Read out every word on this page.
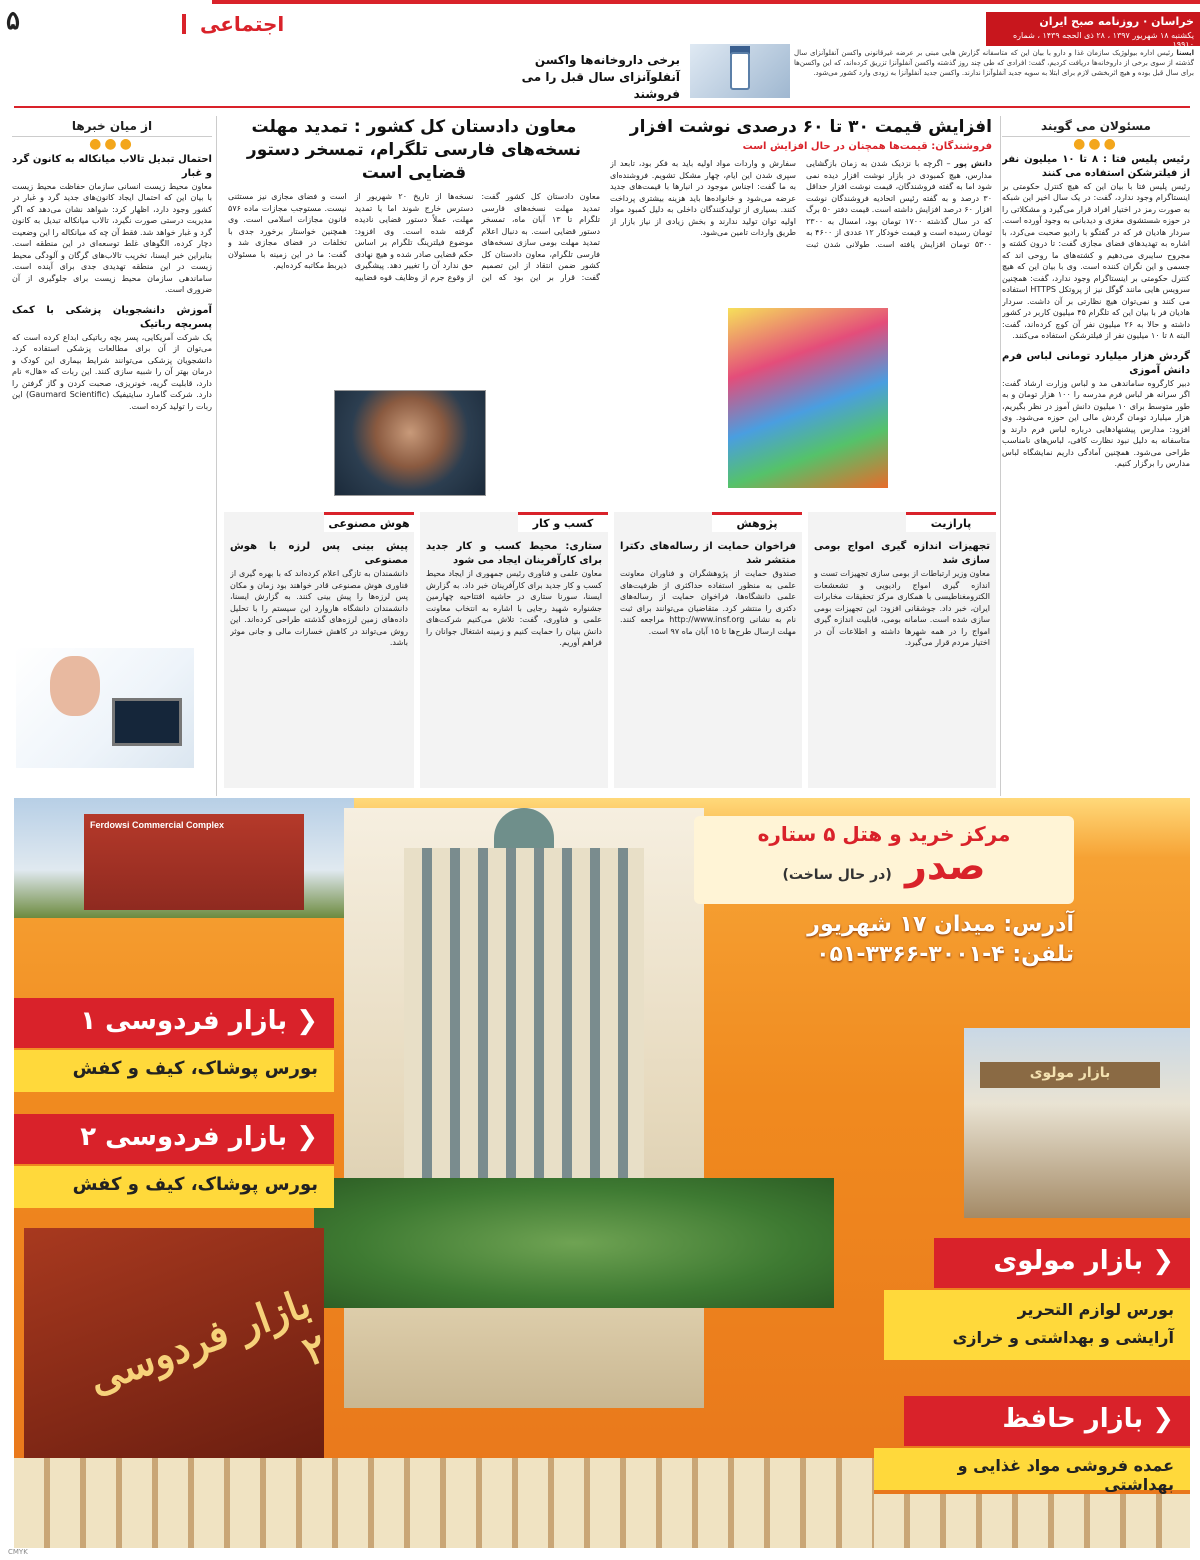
۵	اجتماعی	خراسان · روزنامه صبح ایران
یکشنبه ۱۸ شهریور ۱۳۹۷ ، ۲۸ ذی الحجه ۱۴۳۹ ، شماره ۱۹۹۱۰
ایسنا رئیس اداره بیولوژیک سازمان غذا و دارو با بیان این که متاسفانه گزارش هایی مبنی بر عرضه غیرقانونی واکسن آنفلوآنزای سال گذشته از سوی برخی از داروخانه‌ها دریافت کردیم، گفت: افرادی که طی چند روز گذشته واکسن آنفلوآنزا تزریق کرده‌اند، که این واکسن‌ها برای سال قبل بوده و هیچ اثربخشی لازم برای ابتلا به سویه جدید آنفلوآنزا ندارند. واکسن جدید آنفلوآنزا به زودی وارد کشور می‌شود.
برخی داروخانه‌ها واکسن آنفلوآنزای سال قبل را می فروشند
مسئولان می گویند
●●●
رئیس پلیس فتا : ۸ تا ۱۰ میلیون نفر از فیلترشکن استفاده می کنند

رئیس پلیس فتا با بیان این که هیچ کنترل حکومتی بر اینستاگرام وجود ندارد، گفت: در یک سال اخیر این شبکه به صورت رمز در اختیار افراد قرار می‌گیرد و مشکلاتی را در حوزه شستشوی مغزی و دیدبانی به وجود آورده است. سردار هادیان فر که در گفتگو با رادیو صحبت می‌کرد، با اشاره به تهدیدهای فضای مجازی گفت: تا درون کشته و مجروح سایبری می‌دهیم و کشته‌های ما روحی اند که جسمی و این نگران کننده است. وی با بیان این که هیچ کنترل حکومتی بر اینستاگرام وجود ندارد، گفت: همچنین سرویس هایی مانند گوگل نیز از پروتکل HTTPS استفاده می کنند و نمی‌توان هیچ نظارتی بر آن داشت. سردار هادیان فر با بیان این که تلگرام ۴۵ میلیون کاربر در کشور داشته و حالا به ۲۶ میلیون نفر آن کوچ کرده‌اند، گفت: البته ۸ تا ۱۰ میلیون نفر از فیلترشکن استفاده می‌کنند.

گردش هزار میلیارد تومانی لباس فرم دانش آموزی

دبیر کارگروه ساماندهی مد و لباس وزارت ارشاد گفت: اگر سرانه هر لباس فرم مدرسه را ۱۰۰ هزار تومان و به طور متوسط برای ۱۰ میلیون دانش آموز در نظر بگیریم، هزار میلیارد تومان گردش مالی این حوزه می‌شود. وی افزود: مدارس پیشنهادهایی درباره لباس فرم دارند و متاسفانه به دلیل نبود نظارت کافی، لباس‌های نامناسب طراحی می‌شود. همچنین آمادگی داریم نمایشگاه لباس مدارس را برگزار کنیم.

افزایش قیمت ۳۰ تا ۶۰ درصدی نوشت افزار
فروشندگان: قیمت‌ها همچنان در حال افزایش است

دانش پور – اگرچه با نزدیک شدن به زمان بازگشایی مدارس، هیچ کمبودی در بازار نوشت افزار دیده نمی شود اما به گفته فروشندگان، قیمت نوشت افزار حداقل ۳۰ درصد و به گفته رئیس اتحادیه فروشندگان نوشت افزار ۶۰ درصد افزایش داشته است. قیمت دفتر ۵۰ برگ که در سال گذشته ۱۷۰۰ تومان بود، امسال به ۲۳۰۰ تومان رسیده است و قیمت خودکار ۱۲ عددی از ۴۶۰۰ به ۵۳۰۰ تومان افزایش یافته است. طولانی شدن ثبت سفارش و واردات مواد اولیه باید به فکر بود، تابعد از سپری شدن این ایام، چهار مشکل تشویم. فروشنده‌ای به ما گفت: اجناس موجود در انبارها با قیمت‌های جدید عرضه می‌شود و خانواده‌ها باید هزینه بیشتری پرداخت کنند. بسیاری از تولیدکنندگان داخلی به دلیل کمبود مواد اولیه توان تولید ندارند و بخش زیادی از نیاز بازار از طریق واردات تامین می‌شود.

معاون دادستان کل کشور : تمدید مهلت نسخه‌های فارسی تلگرام، تمسخر دستور قضایی است

معاون دادستان کل کشور گفت: تمدید مهلت نسخه‌های فارسی تلگرام تا ۱۳ آبان ماه، تمسخر دستور قضایی است. به دنبال اعلام تمدید مهلت بومی سازی نسخه‌های فارسی تلگرام، معاون دادستان کل کشور ضمن انتقاد از این تصمیم گفت: قرار بر این بود که این نسخه‌ها از تاریخ ۲۰ شهریور از دسترس خارج شوند اما با تمدید مهلت، عملاً دستور قضایی نادیده گرفته شده است. وی افزود: موضوع فیلترینگ تلگرام بر اساس حکم قضایی صادر شده و هیچ نهادی حق ندارد آن را تغییر دهد. پیشگیری از وقوع جرم از وظایف قوه قضاییه است و فضای مجازی نیز مستثنی نیست. مستوجب مجازات ماده ۵۷۶ قانون مجازات اسلامی است. وی همچنین خواستار برخورد جدی با تخلفات در فضای مجازی شد و گفت: ما در این زمینه با مسئولان ذیربط مکاتبه کرده‌ایم.

از میان خبرها
●●●
احتمال تبدیل تالاب میانکاله به کانون گرد و غبار

معاون محیط زیست انسانی سازمان حفاظت محیط زیست با بیان این که احتمال ایجاد کانون‌های جدید گرد و غبار در کشور وجود دارد، اظهار کرد: شواهد نشان می‌دهد که اگر مدیریت درستی صورت نگیرد، تالاب میانکاله تبدیل به کانون گرد و غبار خواهد شد. فقط آن چه که میانکاله را این وضعیت دچار کرده، الگوهای غلط توسعه‌ای در این منطقه است. بنابراین خبر ایسنا، تخریب تالاب‌های گرگان و آلودگی محیط زیست در این منطقه تهدیدی جدی برای آینده است. ساماندهی سازمان محیط زیست برای جلوگیری از آن ضروری است.

آموزش دانشجویان پزشکی با کمک پسربچه رباتیک

یک شرکت آمریکایی، پسر بچه رباتیکی ابداع کرده است که می‌توان از آن برای مطالعات پزشکی استفاده کرد. دانشجویان پزشکی می‌توانند شرایط بیماری این کودک و درمان بهتر آن را شبیه سازی کنند. این ربات که «هال» نام دارد، قابلیت گریه، خونریزی، صحبت کردن و گاز گرفتن را دارد. شرکت گامارد سایتیفیک (Gaumard Scientific) این ربات را تولید کرده است.

پارازیت
تجهیزات اندازه گیری امواج بومی سازی شد

معاون وزیر ارتباطات از بومی سازی تجهیزات تست و اندازه گیری امواج رادیویی و تشعشعات الکترومغناطیسی با همکاری مرکز تحقیقات مخابرات ایران، خبر داد. جوشقانی افزود: این تجهیزات بومی سازی شده است. سامانه بومی، قابلیت اندازه گیری امواج را در همه شهرها داشته و اطلاعات آن در اختیار مردم قرار می‌گیرد.

پژوهش
فراخوان حمایت از رساله‌های دکترا منتشر شد

صندوق حمایت از پژوهشگران و فناوران معاونت علمی به منظور استفاده حداکثری از ظرفیت‌های علمی دانشگاه‌ها، فراخوان حمایت از رساله‌های دکتری را منتشر کرد. متقاضیان می‌توانند برای ثبت نام به نشانی http://www.insf.org مراجعه کنند. مهلت ارسال طرح‌ها تا ۱۵ آبان ماه ۹۷ است.

کسب و کار
ستاری: محیط کسب و کار جدید برای کارآفرینان ایجاد می شود

معاون علمی و فناوری رئیس جمهوری از ایجاد محیط کسب و کار جدید برای کارآفرینان خبر داد. به گزارش ایسنا، سورنا ستاری در حاشیه افتتاحیه چهارمین جشنواره شهید رجایی با اشاره به انتخاب معاونت علمی و فناوری، گفت: تلاش می‌کنیم شرکت‌های دانش بنیان را حمایت کنیم و زمینه اشتغال جوانان را فراهم آوریم.

هوش مصنوعی
پیش بینی پس لرزه با هوش مصنوعی

دانشمندان به تازگی اعلام کرده‌اند که با بهره گیری از فناوری هوش مصنوعی قادر خواهند بود زمان و مکان پس لرزه‌ها را پیش بینی کنند. به گزارش ایسنا، دانشمندان دانشگاه هاروارد این سیستم را با تحلیل داده‌های زمین لرزه‌های گذشته طراحی کرده‌اند. این روش می‌تواند در کاهش خسارات مالی و جانی موثر باشد.

Ferdowsi Commercial Complex	مرکز خرید و هتل ۵ ستاره
صدر (در حال ساخت)
آدرس: میدان ۱۷ شهریور
تلفن: ۴-۳۰۰۱-۳۳۶۶-۰۵۱
❮ بازار فردوسی ۱
بورس پوشاک، کیف و کفش
❮ بازار فردوسی ۲
بورس پوشاک، کیف و کفش
بازار فردوسی ۲
بازار مولوی
❮ بازار مولوی
بورس لوازم التحریر
آرایشی و بهداشتی و خرازی
❮ بازار حافظ
عمده فروشی مواد غذایی و بهداشتی
CMYK
